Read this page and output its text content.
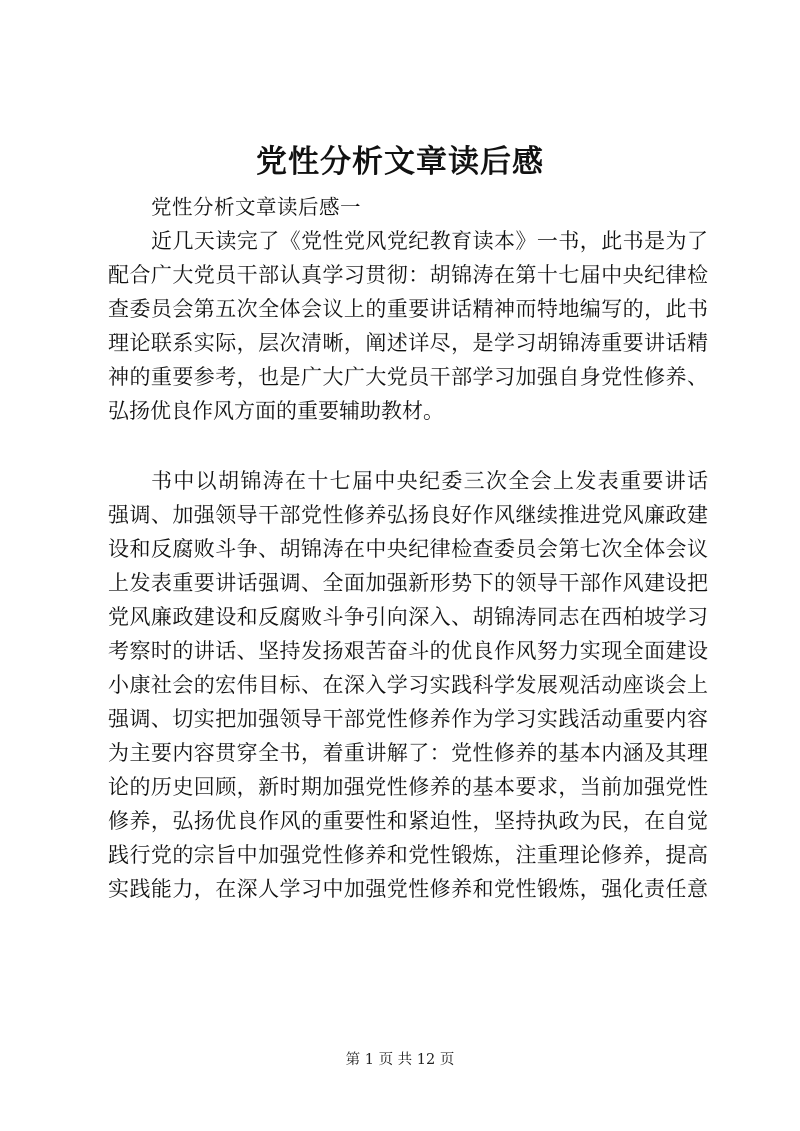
党性分析文章读后感
党性分析文章读后感一
近几天读完了《党性党风党纪教育读本》一书，此书是为了
配合广大党员干部认真学习贯彻：胡锦涛在第十七届中央纪律检
查委员会第五次全体会议上的重要讲话精神而特地编写的，此书
理论联系实际，层次清晰，阐述详尽，是学习胡锦涛重要讲话精
神的重要参考，也是广大广大党员干部学习加强自身党性修养、
弘扬优良作风方面的重要辅助教材。
书中以胡锦涛在十七届中央纪委三次全会上发表重要讲话
强调、加强领导干部党性修养弘扬良好作风继续推进党风廉政建
设和反腐败斗争、胡锦涛在中央纪律检查委员会第七次全体会议
上发表重要讲话强调、全面加强新形势下的领导干部作风建设把
党风廉政建设和反腐败斗争引向深入、胡锦涛同志在西柏坡学习
考察时的讲话、坚持发扬艰苦奋斗的优良作风努力实现全面建设
小康社会的宏伟目标、在深入学习实践科学发展观活动座谈会上
强调、切实把加强领导干部党性修养作为学习实践活动重要内容
为主要内容贯穿全书，着重讲解了：党性修养的基本内涵及其理
论的历史回顾，新时期加强党性修养的基本要求，当前加强党性
修养，弘扬优良作风的重要性和紧迫性，坚持执政为民，在自觉
践行党的宗旨中加强党性修养和党性锻炼，注重理论修养，提高
实践能力，在深人学习中加强党性修养和党性锻炼，强化责任意
第 1 页 共 12 页
